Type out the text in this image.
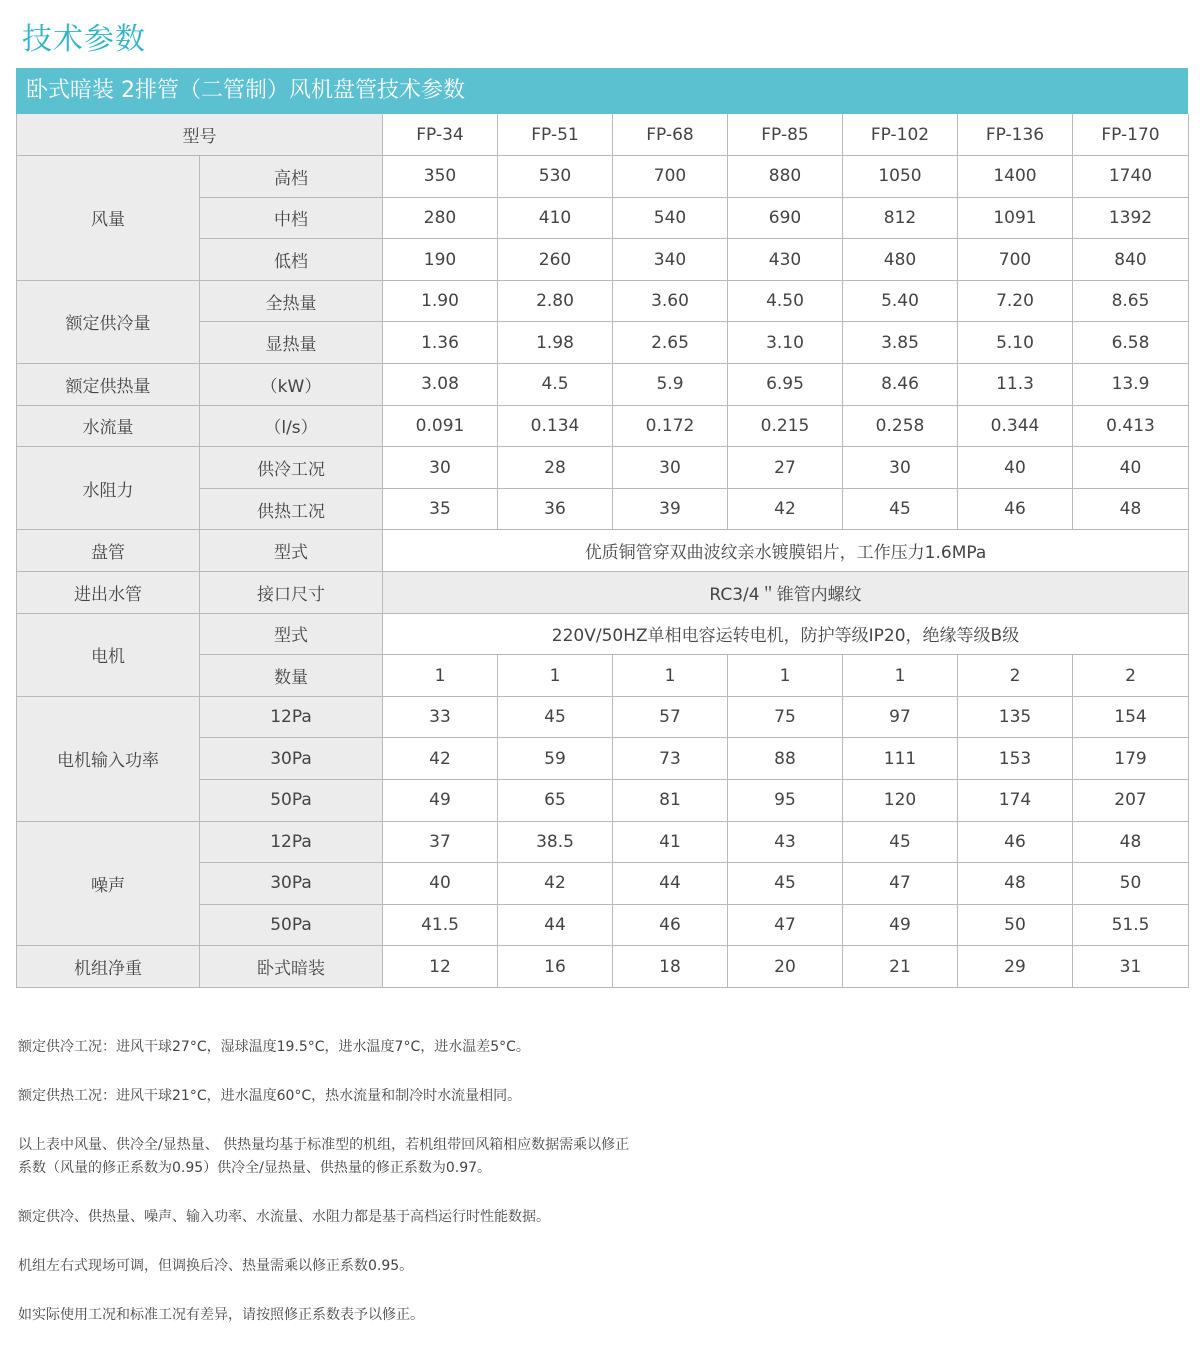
技术参数
卧式暗装 2排管（二管制）风机盘管技术参数
型号		FP-34	FP-51	FP-68	FP-85	FP-102	FP-136	FP-170
风量	高档	350	530	700	880	1050	1400	1740
	中档	280	410	540	690	812	1091	1392
	低档	190	260	340	430	480	700	840
额定供冷量	全热量	1.90	2.80	3.60	4.50	5.40	7.20	8.65
	显热量	1.36	1.98	2.65	3.10	3.85	5.10	6.58
额定供热量	（kW）	3.08	4.5	5.9	6.95	8.46	11.3	13.9
水流量	（l/s）	0.091	0.134	0.172	0.215	0.258	0.344	0.413
水阻力	供冷工况	30	28	30	27	30	40	40
	供热工况	35	36	39	42	45	46	48
盘管	型式	优质铜管穿双曲波纹亲水镀膜铝片，工作压力1.6MPa						
进出水管	接口尺寸	RC3/4＂锥管内螺纹						
电机	型式	220V/50HZ单相电容运转电机，防护等级IP20，绝缘等级B级						
	数量	1	1	1	1	1	2	2
电机输入功率	12Pa	33	45	57	75	97	135	154
	30Pa	42	59	73	88	111	153	179
	50Pa	49	65	81	95	120	174	207
噪声	12Pa	37	38.5	41	43	45	46	48
	30Pa	40	42	44	45	47	48	50
	50Pa	41.5	44	46	47	49	50	51.5
机组净重	卧式暗装	12	16	18	20	21	29	31

额定供冷工况：进风干球27°C，湿球温度19.5°C，进水温度7°C，进水温差5°C。

额定供热工况：进风干球21°C，进水温度60°C，热水流量和制冷时水流量相同。

以上表中风量、供冷全/显热量、 供热量均基于标准型的机组，若机组带回风箱相应数据需乘以修正
系数（风量的修正系数为0.95）供冷全/显热量、供热量的修正系数为0.97。

额定供冷、供热量、噪声、输入功率、水流量、水阻力都是基于高档运行时性能数据。

机组左右式现场可调，但调换后冷、热量需乘以修正系数0.95。

如实际使用工况和标准工况有差异，请按照修正系数表予以修正。
